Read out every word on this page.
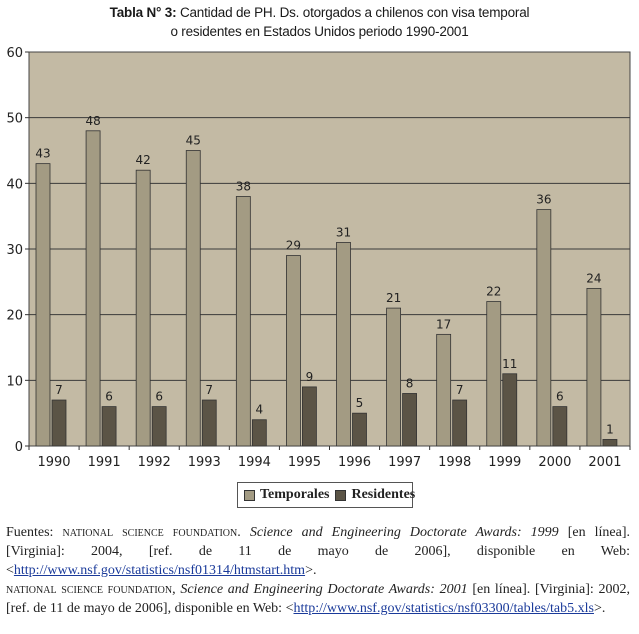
Tabla N° 3: Cantidad de PH. Ds. otorgados a chilenos con visa temporal
o residentes en Estados Unidos periodo 1990-2001
0
10
20
30
40
50
60
43
7
1990
48
6
1991
42
6
1992
45
7
1993
38
4
1994
29
9
1995
31
5
1996
21
8
1997
17
7
1998
22
11
1999
36
6
2000
24
1
2001
Temporales Residentes

Fuentes: national science foundation. Science and Engineering Doctorate Awards: 1999 [en línea]. [Virginia]: 2004, [ref. de 11 de mayo de 2006], disponible en Web: <http://www.nsf.gov/statistics/nsf01314/htmstart.htm>.

national science foundation, Science and Engineering Doctorate Awards: 2001 [en línea]. [Virginia]: 2002, [ref. de 11 de mayo de 2006], disponible en Web: <http://www.nsf.gov/statistics/nsf03300/tables/tab5.xls>.
